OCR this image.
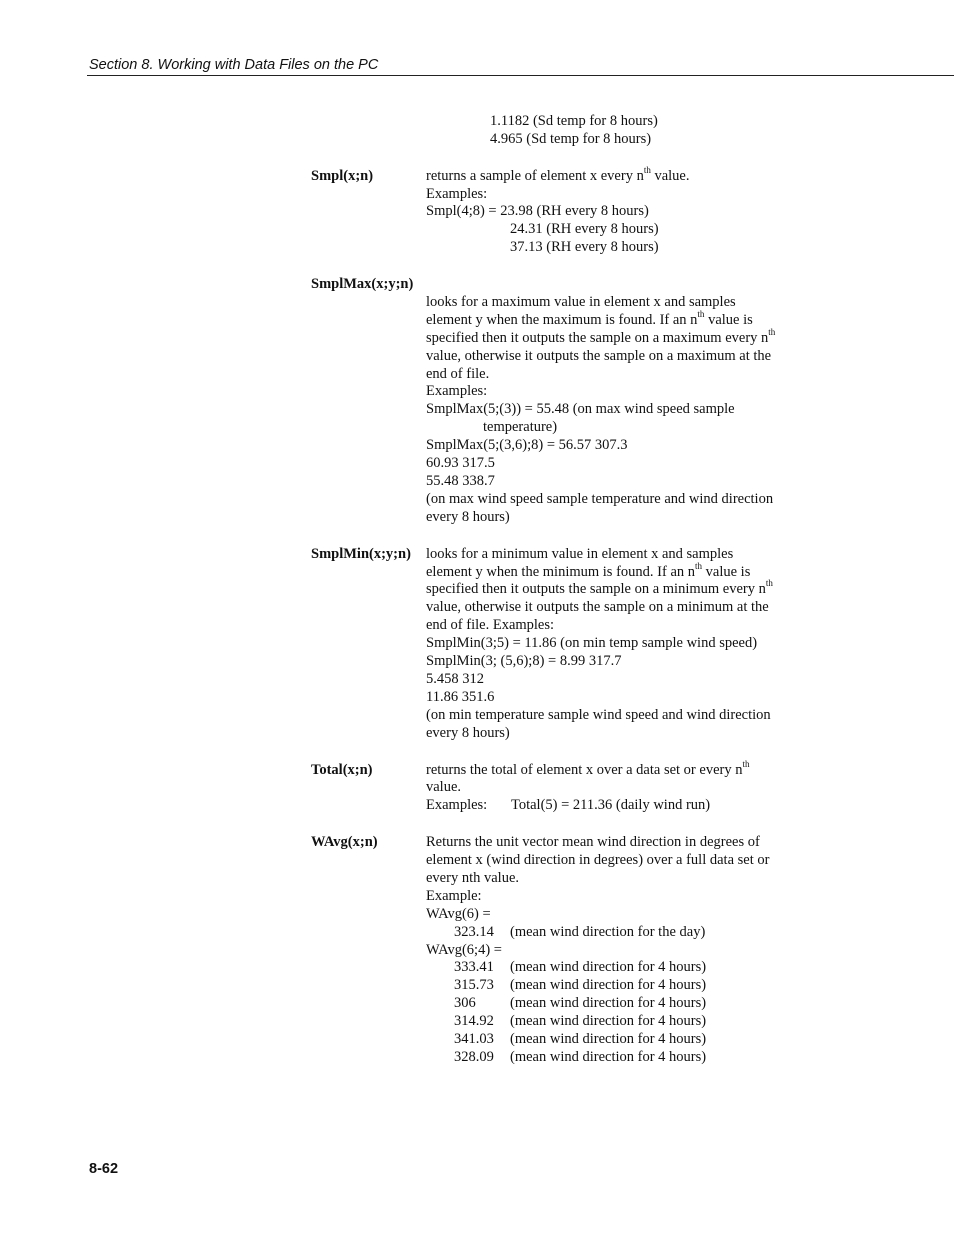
Section 8. Working with Data Files on the PC
1.1182 (Sd temp for 8 hours)
4.965 (Sd temp for 8 hours)
Smpl(x;n)	returns a sample of element x every $n^{th}$ value.
Examples:
Smpl(4;8) = 23.98 (RH every 8 hours)
24.31 (RH every 8 hours)
37.13 (RH every 8 hours)
SmplMax(x;y;n)
looks for a maximum value in element x and samples
element y when the maximum is found. If an $n^{th}$ value is
specified then it outputs the sample on a maximum every $n^{th}$
value, otherwise it outputs the sample on a maximum at the
end of file.
Examples:
SmplMax(5;(3)) = 55.48 (on max wind speed sample
temperature)
SmplMax(5;(3,6);8) = 56.57 307.3
60.93 317.5
55.48 338.7
(on max wind speed sample temperature and wind direction
every 8 hours)
SmplMin(x;y;n) looks for a minimum value in element x and samples
element y when the minimum is found. If an $n^{th}$ value is
specified then it outputs the sample on a minimum every $n^{th}$
value, otherwise it outputs the sample on a minimum at the
end of file. Examples:
SmplMin(3;5) = 11.86 (on min temp sample wind speed)
SmplMin(3; (5,6);8) = 8.99 317.7
5.458 312
11.86 351.6
(on min temperature sample wind speed and wind direction
every 8 hours)
Total(x;n)	returns the total of element x over a data set or every $n^{th}$
value.
Examples: Total(5) = 211.36 (daily wind run)
WAvg(x;n)	Returns the unit vector mean wind direction in degrees of
element x (wind direction in degrees) over a full data set or
every nth value.
Example:
WAvg(6) =
323.14 (mean wind direction for the day)
WAvg(6;4) =
333.41 (mean wind direction for 4 hours)
315.73 (mean wind direction for 4 hours)
306 (mean wind direction for 4 hours)
314.92 (mean wind direction for 4 hours)
341.03 (mean wind direction for 4 hours)
328.09 (mean wind direction for 4 hours)
8-62
